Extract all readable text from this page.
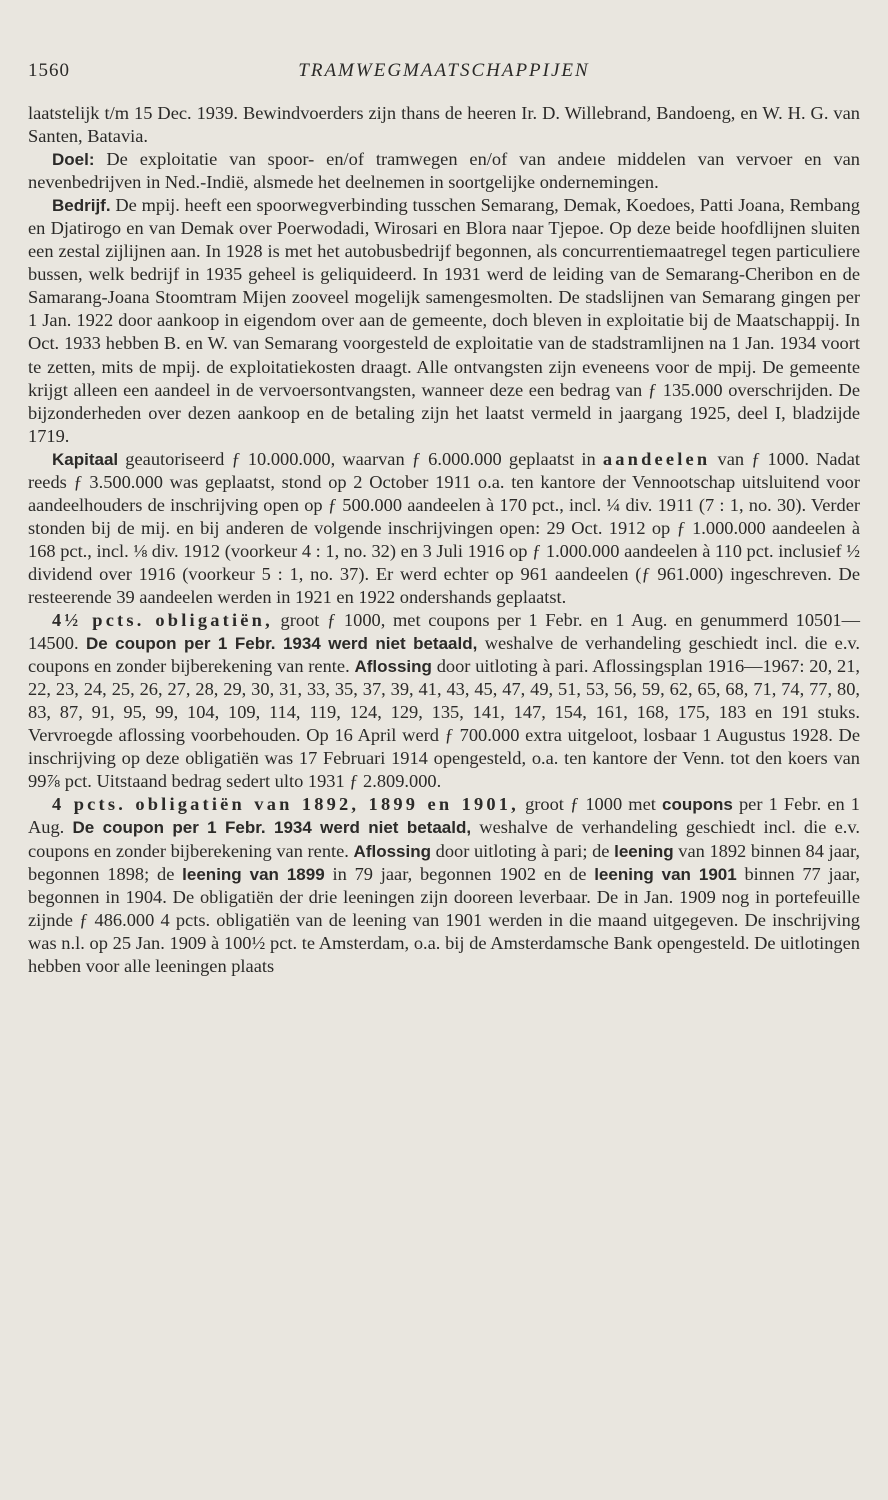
1560	TRAMWEGMAATSCHAPPIJEN

laatstelijk t/m 15 Dec. 1939. Bewindvoerders zijn thans de heeren Ir. D. Willebrand, Bandoeng, en W. H. G. van Santen, Batavia.

Doel: De exploitatie van spoor- en/of tramwegen en/of van andeıe middelen van vervoer en van nevenbedrijven in Ned.-Indië, alsmede het deelnemen in soortgelijke ondernemingen.

Bedrijf. De mpij. heeft een spoorwegverbinding tusschen Semarang, Demak, Koedoes, Patti Joana, Rembang en Djatirogo en van Demak over Poerwodadi, Wirosari en Blora naar Tjepoe. Op deze beide hoofdlijnen sluiten een zestal zijlijnen aan. In 1928 is met het autobusbedrijf begonnen, als concurrentiemaatregel tegen particuliere bussen, welk bedrijf in 1935 geheel is geliquideerd. In 1931 werd de leiding van de Semarang-Cheribon en de Samarang-Joana Stoomtram Mijen zooveel mogelijk samengesmolten. De stadslijnen van Semarang gingen per 1 Jan. 1922 door aankoop in eigendom over aan de gemeente, doch bleven in exploitatie bij de Maatschappij. In Oct. 1933 hebben B. en W. van Semarang voorgesteld de exploitatie van de stadstramlijnen na 1 Jan. 1934 voort te zetten, mits de mpij. de exploitatiekosten draagt. Alle ontvangsten zijn eveneens voor de mpij. De gemeente krijgt alleen een aandeel in de vervoersontvangsten, wanneer deze een bedrag van ƒ 135.000 overschrijden. De bijzonderheden over dezen aankoop en de betaling zijn het laatst vermeld in jaargang 1925, deel I, bladzijde 1719.

Kapitaal geautoriseerd ƒ 10.000.000, waarvan ƒ 6.000.000 geplaatst in aandeelen van ƒ 1000. Nadat reeds ƒ 3.500.000 was geplaatst, stond op 2 October 1911 o.a. ten kantore der Vennootschap uitsluitend voor aandeelhouders de inschrijving open op ƒ 500.000 aandeelen à 170 pct., incl. ¼ div. 1911 (7 : 1, no. 30). Verder stonden bij de mij. en bij anderen de volgende inschrijvingen open: 29 Oct. 1912 op ƒ 1.000.000 aandeelen à 168 pct., incl. ⅛ div. 1912 (voorkeur 4 : 1, no. 32) en 3 Juli 1916 op ƒ 1.000.000 aandeelen à 110 pct. inclusief ½ dividend over 1916 (voorkeur 5 : 1, no. 37). Er werd echter op 961 aandeelen (ƒ 961.000) ingeschreven. De resteerende 39 aandeelen werden in 1921 en 1922 ondershands geplaatst.

4½ pcts. obligatiën, groot ƒ 1000, met coupons per 1 Febr. en 1 Aug. en genummerd 10501—14500. De coupon per 1 Febr. 1934 werd niet betaald, weshalve de verhandeling geschiedt incl. die e.v. coupons en zonder bijberekening van rente. Aflossing door uitloting à pari. Aflossingsplan 1916—1967: 20, 21, 22, 23, 24, 25, 26, 27, 28, 29, 30, 31, 33, 35, 37, 39, 41, 43, 45, 47, 49, 51, 53, 56, 59, 62, 65, 68, 71, 74, 77, 80, 83, 87, 91, 95, 99, 104, 109, 114, 119, 124, 129, 135, 141, 147, 154, 161, 168, 175, 183 en 191 stuks. Vervroegde aflossing voorbehouden. Op 16 April werd ƒ 700.000 extra uitgeloot, losbaar 1 Augustus 1928. De inschrijving op deze obligatiën was 17 Februari 1914 opengesteld, o.a. ten kantore der Venn. tot den koers van 99⅞ pct. Uitstaand bedrag sedert ulto 1931 ƒ 2.809.000.

4 pcts. obligatiën van 1892, 1899 en 1901, groot ƒ 1000 met coupons per 1 Febr. en 1 Aug. De coupon per 1 Febr. 1934 werd niet betaald, weshalve de verhandeling geschiedt incl. die e.v. coupons en zonder bijberekening van rente. Aflossing door uitloting à pari; de leening van 1892 binnen 84 jaar, begonnen 1898; de leening van 1899 in 79 jaar, begonnen 1902 en de leening van 1901 binnen 77 jaar, begonnen in 1904. De obligatiën der drie leeningen zijn dooreen leverbaar. De in Jan. 1909 nog in portefeuille zijnde ƒ 486.000 4 pcts. obligatiën van de leening van 1901 werden in die maand uitgegeven. De inschrijving was n.l. op 25 Jan. 1909 à 100½ pct. te Amsterdam, o.a. bij de Amsterdamsche Bank opengesteld. De uitlotingen hebben voor alle leeningen plaats
